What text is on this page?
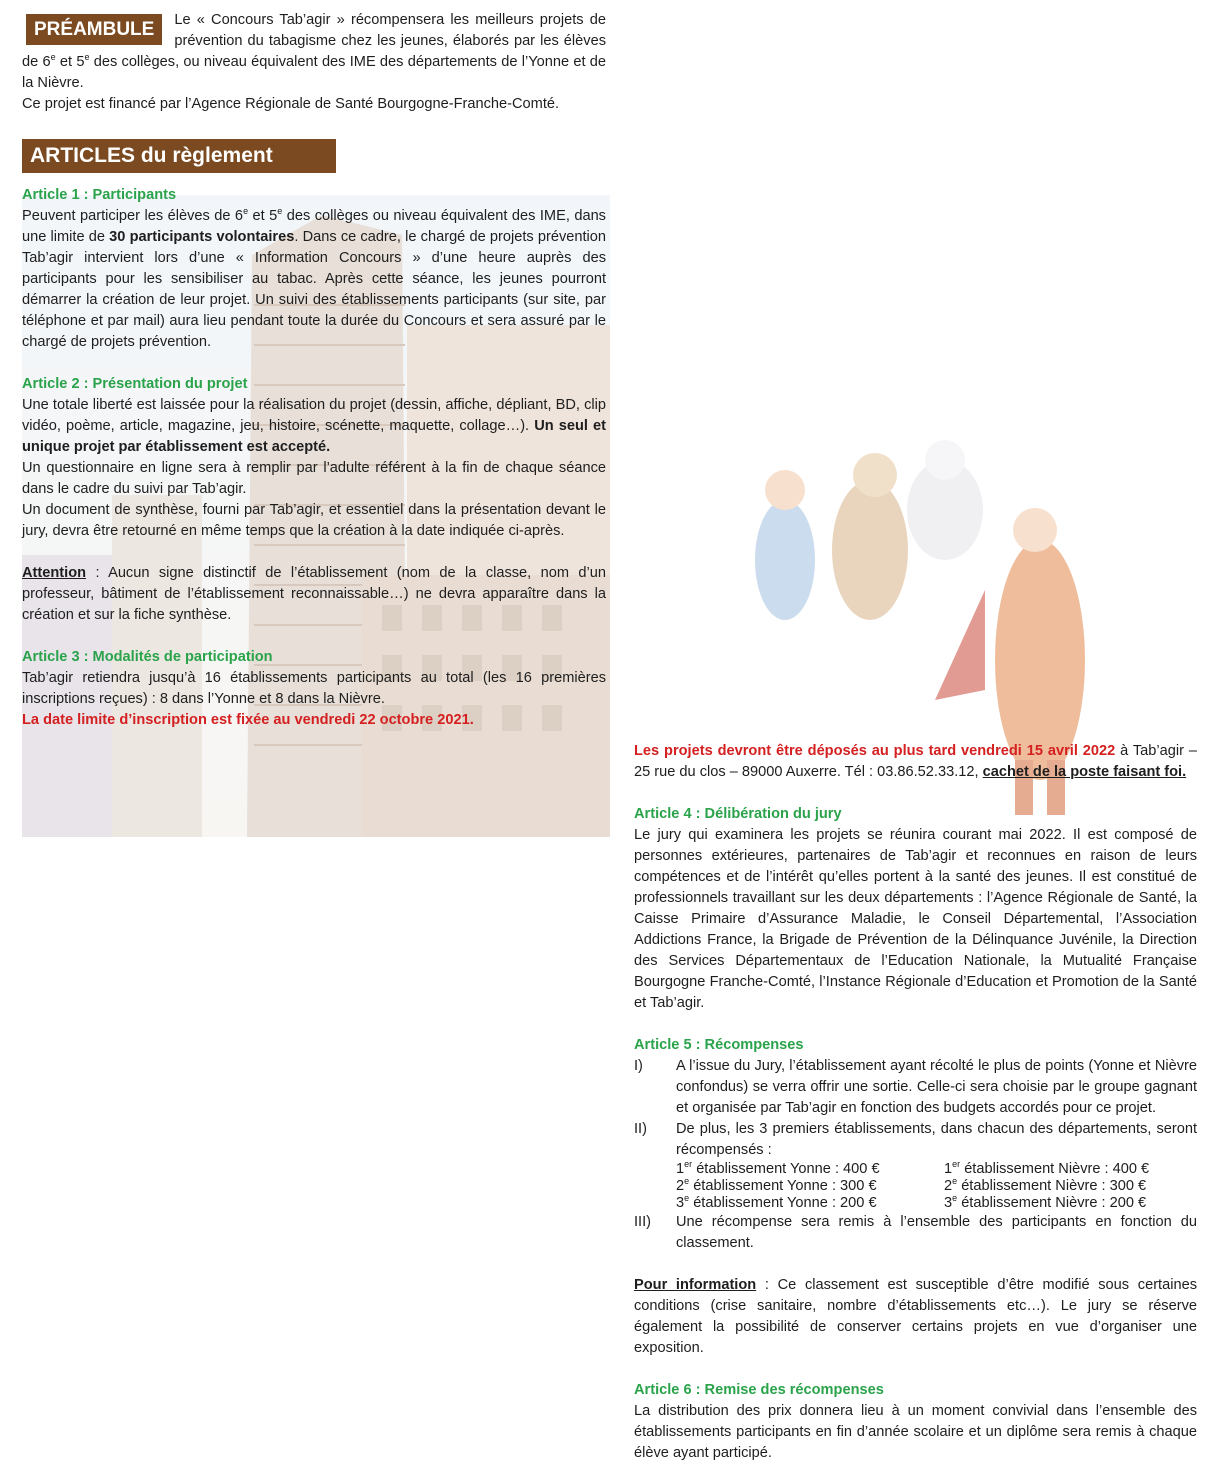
PRÉAMBULE	Le « Concours Tab’agir » récompensera les meilleurs projets de prévention du tabagisme chez les jeunes, élaborés par les élèves de 6e et 5e des collèges, ou niveau équivalent des IME des départements de l’Yonne et de la Nièvre.

Ce projet est financé par l’Agence Régionale de Santé Bourgogne-Franche-Comté.

ARTICLES du règlement

Article 1 : Participants

Peuvent participer les élèves de 6e et 5e des collèges ou niveau équivalent des IME, dans une limite de 30 participants volontaires. Dans ce cadre, le chargé de projets prévention Tab’agir intervient lors d’une « Information Concours » d’une heure auprès des participants pour les sensibiliser au tabac. Après cette séance, les jeunes pourront démarrer la création de leur projet. Un suivi des établissements participants (sur site, par téléphone et par mail) aura lieu pendant toute la durée du Concours et sera assuré par le chargé de projets prévention.

Article 2 : Présentation du projet

Une totale liberté est laissée pour la réalisation du projet (dessin, affiche, dépliant, BD, clip vidéo, poème, article, magazine, jeu, histoire, scénette, maquette, collage…). Un seul et unique projet par établissement est accepté.

Un questionnaire en ligne sera à remplir par l’adulte référent à la fin de chaque séance dans le cadre du suivi par Tab’agir.

Un document de synthèse, fourni par Tab’agir, et essentiel dans la présentation devant le jury, devra être retourné en même temps que la création à la date indiquée ci-après.

Attention : Aucun signe distinctif de l’établissement (nom de la classe, nom d’un professeur, bâtiment de l’établissement reconnaissable…) ne devra apparaître dans la création et sur la fiche synthèse.

Article 3 : Modalités de participation

Tab’agir retiendra jusqu’à 16 établissements participants au total (les 16 premières inscriptions reçues) : 8 dans l’Yonne et 8 dans la Nièvre.

La date limite d’inscription est fixée au vendredi 22 octobre 2021.

Les projets devront être déposés au plus tard vendredi 15 avril 2022 à Tab’agir – 25 rue du clos – 89000 Auxerre. Tél : 03.86.52.33.12, cachet de la poste faisant foi.

Article 4 : Délibération du jury

Le jury qui examinera les projets se réunira courant mai 2022. Il est composé de personnes extérieures, partenaires de Tab’agir et reconnues en raison de leurs compétences et de l’intérêt qu’elles portent à la santé des jeunes. Il est constitué de professionnels travaillant sur les deux départements : l’Agence Régionale de Santé, la Caisse Primaire d’Assurance Maladie, le Conseil Départemental, l’Association Addictions France, la Brigade de Prévention de la Délinquance Juvénile, la Direction des Services Départementaux de l’Education Nationale, la Mutualité Française Bourgogne Franche-Comté, l’Instance Régionale d’Education et Promotion de la Santé et Tab’agir.

Article 5 : Récompenses

I)	A l’issue du Jury, l’établissement ayant récolté le plus de points (Yonne et Nièvre confondus) se verra offrir une sortie. Celle-ci sera choisie par le groupe gagnant et organisée par Tab’agir en fonction des budgets accordés pour ce projet.
II)	De plus, les 3 premiers établissements, dans chacun des départements, seront récompensés :
1er établissement Yonne : 400 €	1er établissement Nièvre : 400 €
2e établissement Yonne : 300 €	2e établissement Nièvre : 300 €
3e établissement Yonne : 200 €	3e établissement Nièvre : 200 €
III)	Une récompense sera remis à l’ensemble des participants en fonction du classement.

Pour information : Ce classement est susceptible d’être modifié sous certaines conditions (crise sanitaire, nombre d’établissements etc…). Le jury se réserve également la possibilité de conserver certains projets en vue d’organiser une exposition.

Article 6 : Remise des récompenses

La distribution des prix donnera lieu à un moment convivial dans l’ensemble des établissements participants en fin d’année scolaire et un diplôme sera remis à chaque élève ayant participé.
